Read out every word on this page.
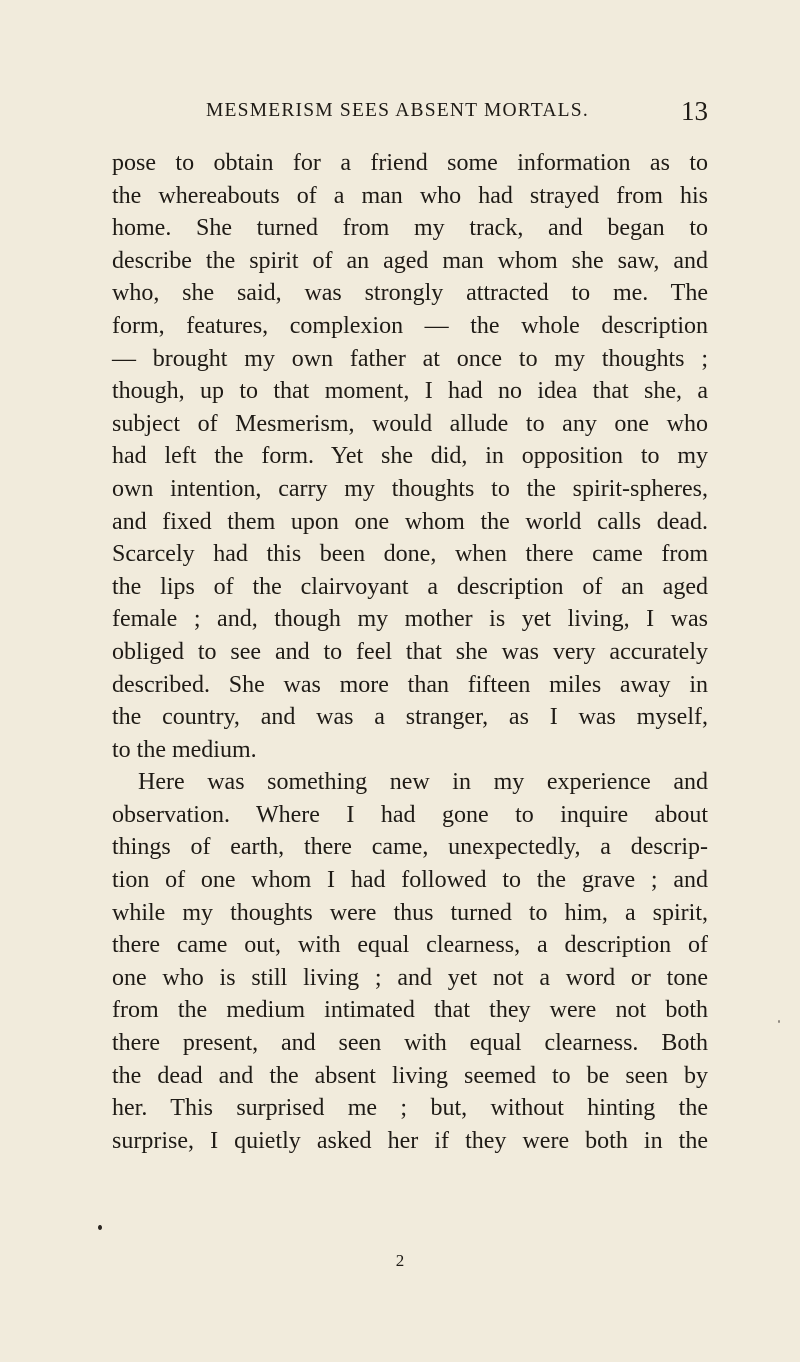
MESMERISM SEES ABSENT MORTALS.	13
pose to obtain for a friend some information as to
the whereabouts of a man who had strayed from his
home. She turned from my track, and began to
describe the spirit of an aged man whom she saw, and
who, she said, was strongly attracted to me. The
form, features, complexion — the whole description
— brought my own father at once to my thoughts ;
though, up to that moment, I had no idea that she, a
subject of Mesmerism, would allude to any one who
had left the form. Yet she did, in opposition to my
own intention, carry my thoughts to the spirit-spheres,
and fixed them upon one whom the world calls dead.
Scarcely had this been done, when there came from
the lips of the clairvoyant a description of an aged
female ; and, though my mother is yet living, I was
obliged to see and to feel that she was very accurately
described. She was more than fifteen miles away in
the country, and was a stranger, as I was myself,
to the medium.
Here was something new in my experience and
observation. Where I had gone to inquire about
things of earth, there came, unexpectedly, a descrip-
tion of one whom I had followed to the grave ; and
while my thoughts were thus turned to him, a spirit,
there came out, with equal clearness, a description of
one who is still living ; and yet not a word or tone
from the medium intimated that they were not both
there present, and seen with equal clearness. Both
the dead and the absent living seemed to be seen by
her. This surprised me ; but, without hinting the
surprise, I quietly asked her if they were both in the
2
